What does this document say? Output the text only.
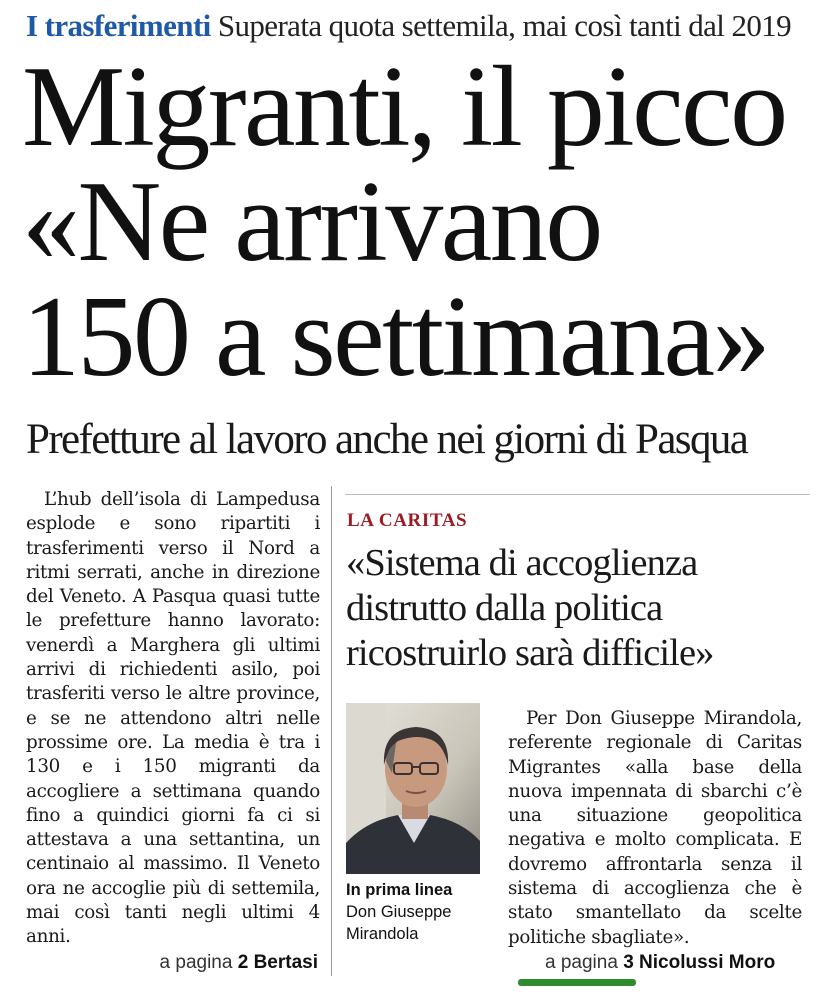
I trasferimenti Superata quota settemila, mai così tanti dal 2019
Migranti, il picco
«Ne arrivano
150 a settimana»
Prefetture al lavoro anche nei giorni di Pasqua
L’hub dell’isola di Lampedusa esplode e sono ripartiti i trasferimenti verso il Nord a ritmi serrati, anche in direzione del Veneto. A Pasqua quasi tutte le prefetture hanno lavorato: venerdì a Marghera gli ultimi arrivi di richiedenti asilo, poi trasferiti verso le altre province, e se ne attendono altri nelle prossime ore. La media è tra i 130 e i 150 migranti da accogliere a settimana quando fino a quindici giorni fa ci si attestava a una settantina, un centinaio al massimo. Il Veneto ora ne accoglie più di settemila, mai così tanti negli ultimi 4 anni.
a pagina 2 Bertasi
LA CARITAS
«Sistema di accoglienza
distrutto dalla politica
ricostruirlo sarà difficile»
In prima linea
Don Giuseppe Mirandola
Per Don Giuseppe Mirandola, referente regionale di Caritas Migrantes «alla base della nuova impennata di sbarchi c’è una situazione geopolitica negativa e molto complicata. E dovremo affrontarla senza il sistema di accoglienza che è stato smantellato da scelte politiche sbagliate».
a pagina 3 Nicolussi Moro
